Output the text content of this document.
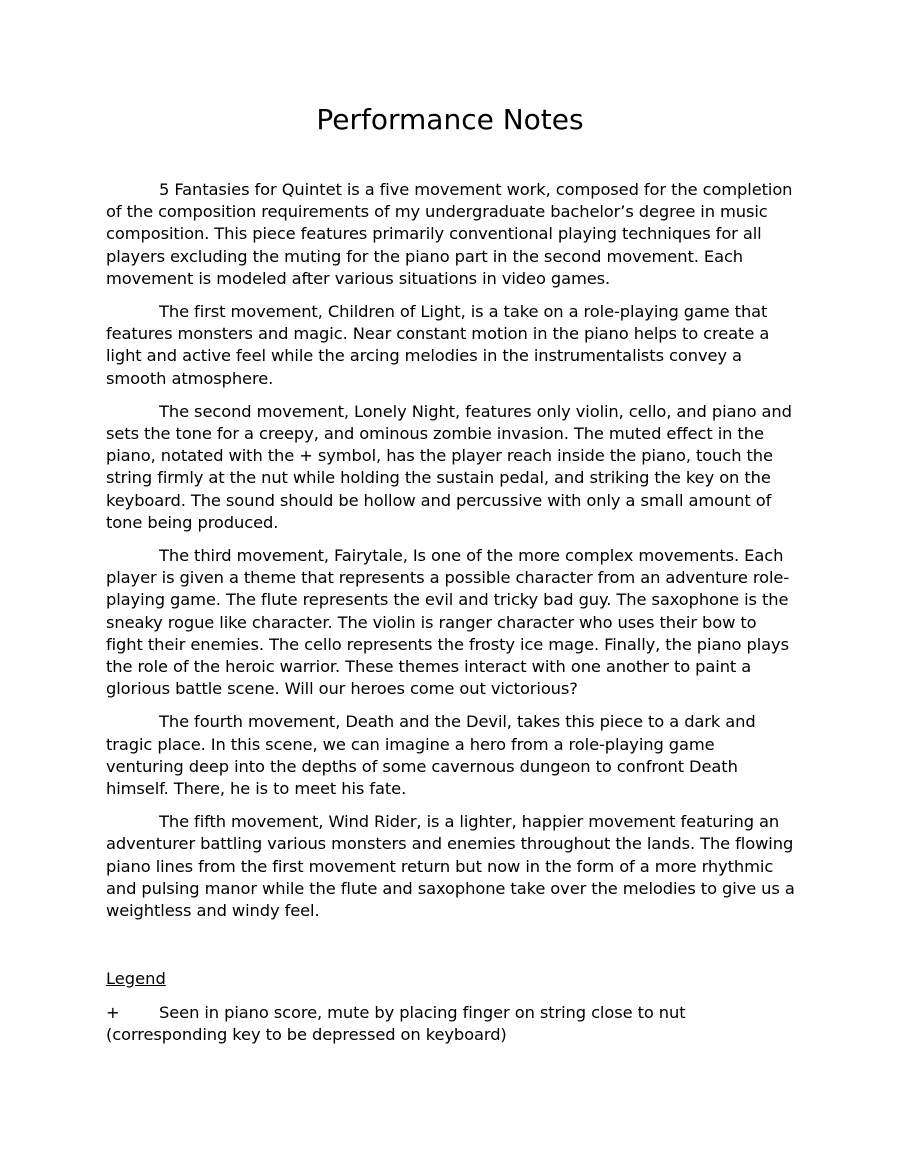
Performance Notes

5 Fantasies for Quintet is a five movement work, composed for the completion of the composition requirements of my undergraduate bachelor’s degree in music composition. This piece features primarily conventional playing techniques for all players excluding the muting for the piano part in the second movement. Each movement is modeled after various situations in video games.

The first movement, Children of Light, is a take on a role-playing game that features monsters and magic. Near constant motion in the piano helps to create a light and active feel while the arcing melodies in the instrumentalists convey a smooth atmosphere.

The second movement, Lonely Night, features only violin, cello, and piano and sets the tone for a creepy, and ominous zombie invasion. The muted effect in the piano, notated with the + symbol, has the player reach inside the piano, touch the string firmly at the nut while holding the sustain pedal, and striking the key on the keyboard. The sound should be hollow and percussive with only a small amount of tone being produced.

The third movement, Fairytale, Is one of the more complex movements. Each player is given a theme that represents a possible character from an adventure role-playing game. The flute represents the evil and tricky bad guy. The saxophone is the sneaky rogue like character. The violin is ranger character who uses their bow to fight their enemies. The cello represents the frosty ice mage. Finally, the piano plays the role of the heroic warrior. These themes interact with one another to paint a glorious battle scene. Will our heroes come out victorious?

The fourth movement, Death and the Devil, takes this piece to a dark and tragic place. In this scene, we can imagine a hero from a role-playing game venturing deep into the depths of some cavernous dungeon to confront Death himself. There, he is to meet his fate.

The fifth movement, Wind Rider, is a lighter, happier movement featuring an adventurer battling various monsters and enemies throughout the lands. The flowing piano lines from the first movement return but now in the form of a more rhythmic and pulsing manor while the flute and saxophone take over the melodies to give us a weightless and windy feel.

Legend

+ Seen in piano score, mute by placing finger on string close to nut (corresponding key to be depressed on keyboard)
